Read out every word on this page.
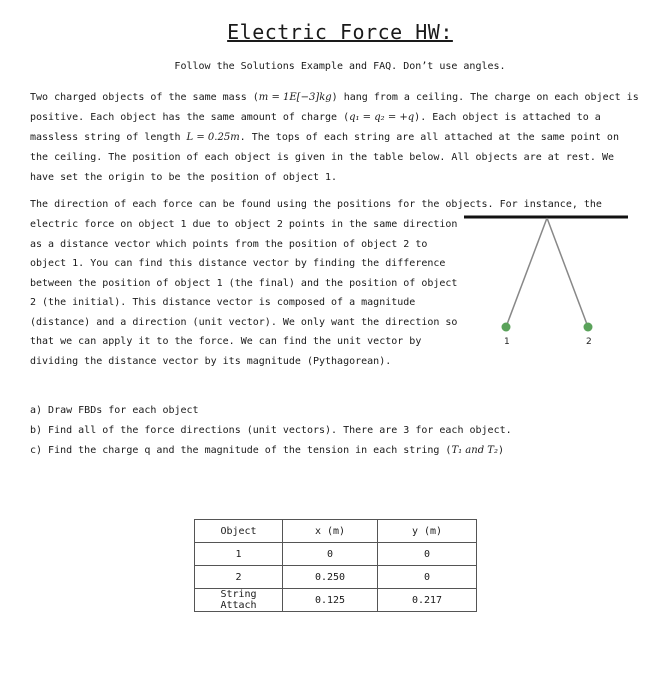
Electric Force HW:
Follow the Solutions Example and FAQ. Don’t use angles.
Two charged objects of the same mass (m = 1E[−3]kg) hang from a ceiling. The charge on each object is positive. Each object has the same amount of charge (q₁ = q₂ = +q). Each object is attached to a massless string of length L = 0.25m. The tops of each string are all attached at the same point on the ceiling. The position of each object is given in the table below. All objects are at rest. We have set the origin to be the position of object 1.
The direction of each force can be found using the positions for the objects. For instance, the
electric force on object 1 due to object 2 points in the same direction as a distance vector which points from the position of object 2 to object 1. You can find this distance vector by finding the difference between the position of object 1 (the final) and the position of object 2 (the initial). This distance vector is composed of a magnitude (distance) and a direction (unit vector). We only want the direction so that we can apply it to the force. We can find the unit vector by dividing the distance vector by its magnitude (Pythagorean).
1	2
a) Draw FBDs for each object
b) Find all of the force directions (unit vectors). There are 3 for each object.
c) Find the charge q and the magnitude of the tension in each string (T₁ and T₂)
Object	x (m)	y (m)
1	0	0
2	0.250	0
String Attach	0.125	0.217
